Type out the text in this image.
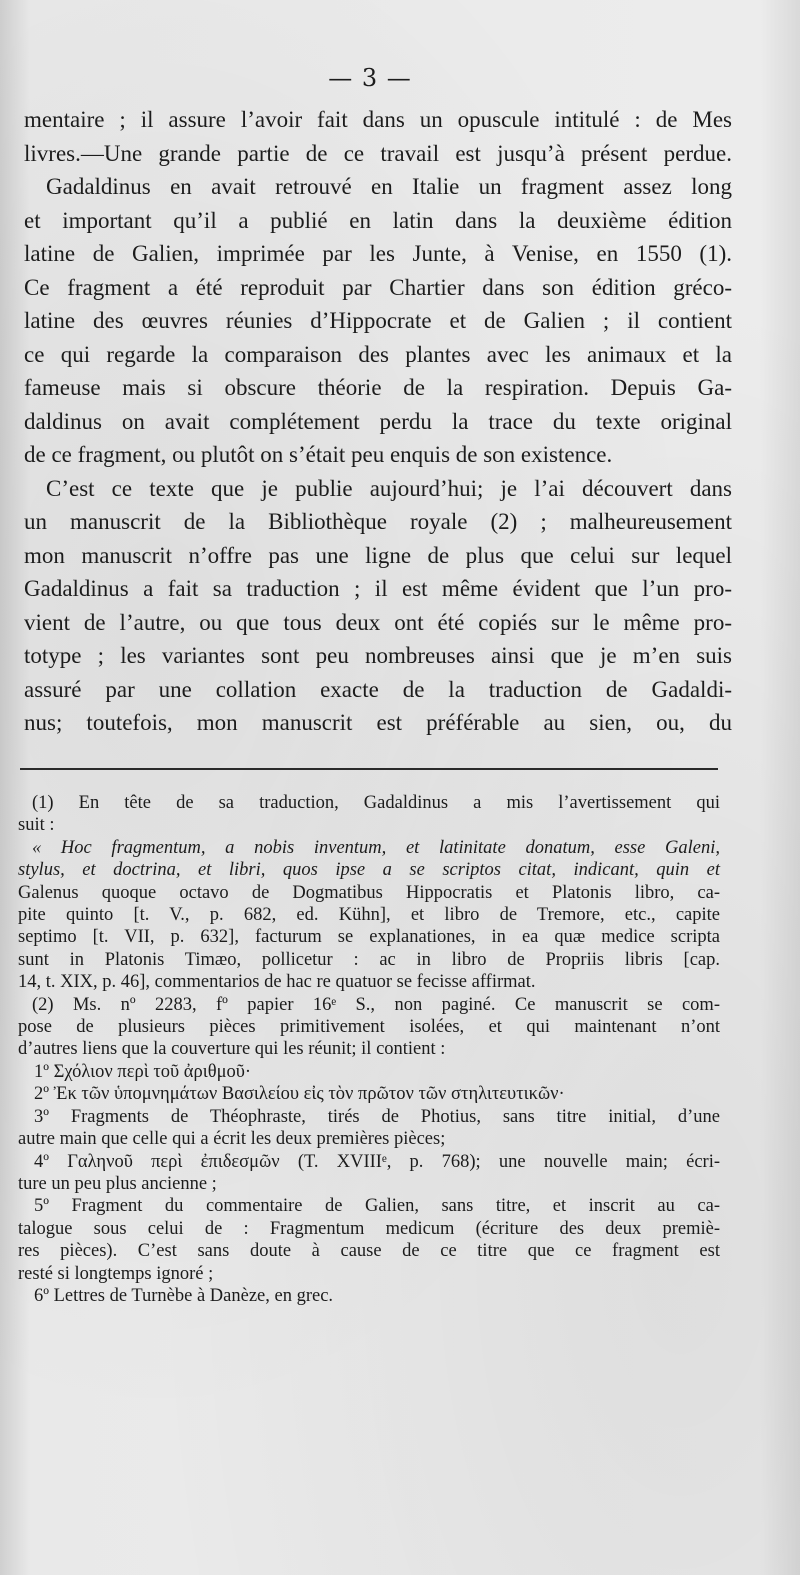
— 3 —
mentaire ; il assure l’avoir fait dans un opuscule intitulé : de Mes
livres.—Une grande partie de ce travail est jusqu’à présent perdue.
Gadaldinus en avait retrouvé en Italie un fragment assez long
et important qu’il a publié en latin dans la deuxième édition
latine de Galien, imprimée par les Junte, à Venise, en 1550 (1).
Ce fragment a été reproduit par Chartier dans son édition gréco-
latine des œuvres réunies d’Hippocrate et de Galien ; il contient
ce qui regarde la comparaison des plantes avec les animaux et la
fameuse mais si obscure théorie de la respiration. Depuis Ga-
daldinus on avait complétement perdu la trace du texte original
de ce fragment, ou plutôt on s’était peu enquis de son existence.
C’est ce texte que je publie aujourd’hui; je l’ai découvert dans
un manuscrit de la Bibliothèque royale (2) ; malheureusement
mon manuscrit n’offre pas une ligne de plus que celui sur lequel
Gadaldinus a fait sa traduction ; il est même évident que l’un pro-
vient de l’autre, ou que tous deux ont été copiés sur le même pro-
totype ; les variantes sont peu nombreuses ainsi que je m’en suis
assuré par une collation exacte de la traduction de Gadaldi-
nus; toutefois, mon manuscrit est préférable au sien, ou, du
(1) En tête de sa traduction, Gadaldinus a mis l’avertissement qui
suit :
« Hoc fragmentum, a nobis inventum, et latinitate donatum, esse Galeni,
stylus, et doctrina, et libri, quos ipse a se scriptos citat, indicant, quin et
Galenus quoque octavo de Dogmatibus Hippocratis et Platonis libro, ca-
pite quinto [t. V., p. 682, ed. Kühn], et libro de Tremore, etc., capite
septimo [t. VII, p. 632], facturum se explanationes, in ea quæ medice scripta
sunt in Platonis Timæo, pollicetur : ac in libro de Propriis libris [cap.
14, t. XIX, p. 46], commentarios de hac re quatuor se fecisse affirmat.
(2) Ms. nº 2283, fº papier 16ᵉ S., non paginé. Ce manuscrit se com-
pose de plusieurs pièces primitivement isolées, et qui maintenant n’ont
d’autres liens que la couverture qui les réunit; il contient :
1º Σχόλιον περὶ τοῦ ἀριθμοῦ·
2º Ἐκ τῶν ὑπομνημάτων Βασιλείου εἰς τὸν πρῶτον τῶν στηλιτευτικῶν·
3º Fragments de Théophraste, tirés de Photius, sans titre initial, d’une
autre main que celle qui a écrit les deux premières pièces;
4º Γαληνοῦ περὶ ἐπιδεσμῶν (T. XVIIIᵉ, p. 768); une nouvelle main; écri-
ture un peu plus ancienne ;
5º Fragment du commentaire de Galien, sans titre, et inscrit au ca-
talogue sous celui de : Fragmentum medicum (écriture des deux premiè-
res pièces). C’est sans doute à cause de ce titre que ce fragment est
resté si longtemps ignoré ;
6º Lettres de Turnèbe à Danèze, en grec.
